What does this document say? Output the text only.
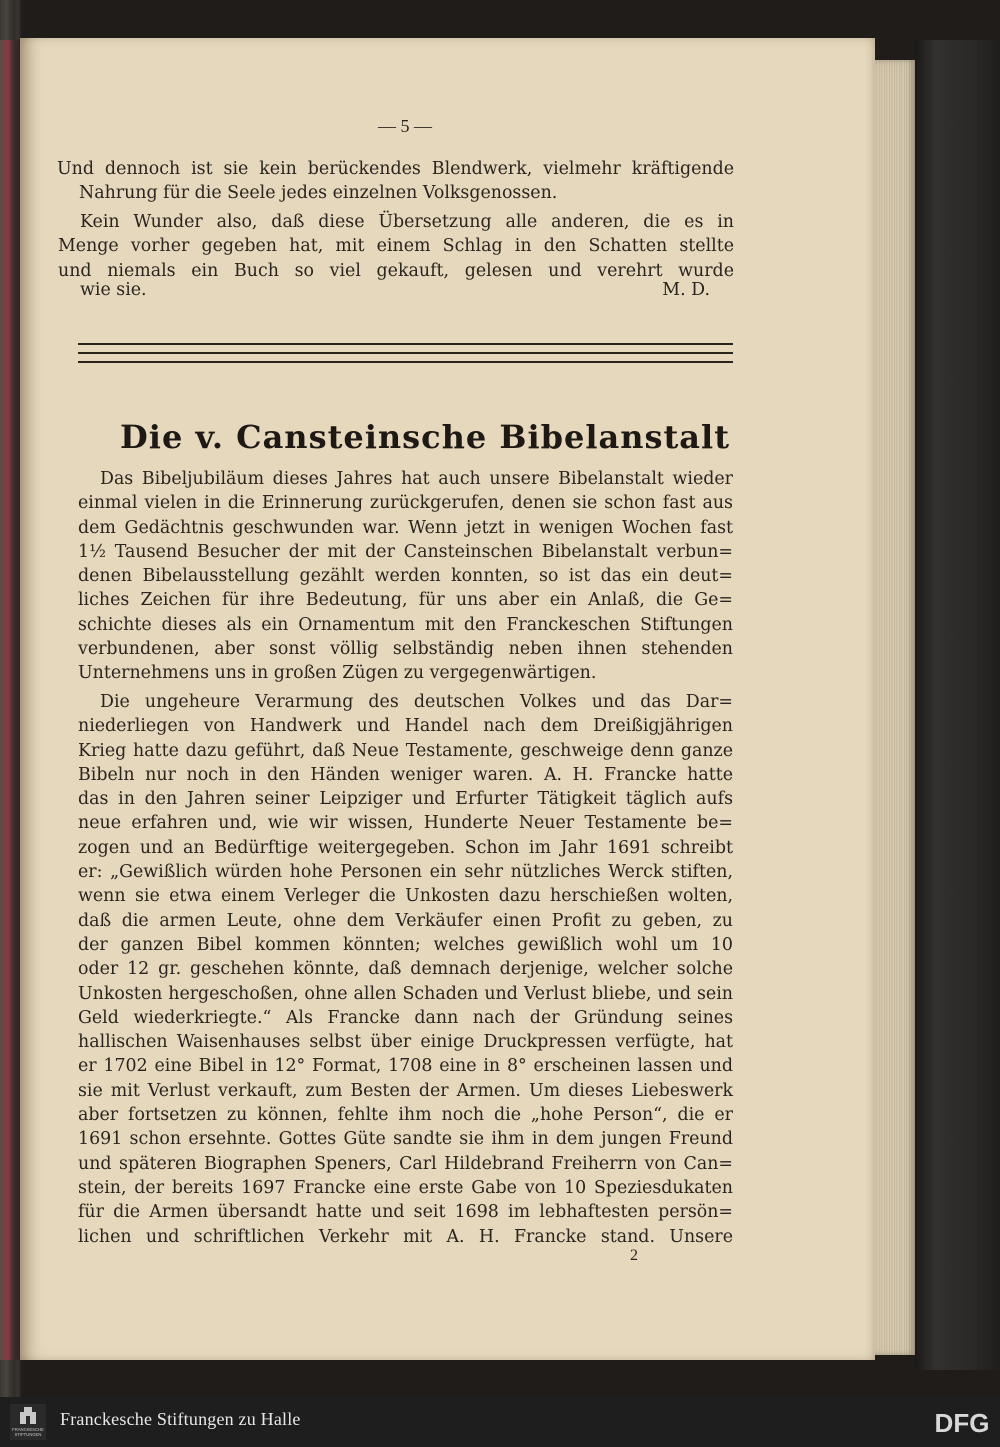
— 5 —

Und dennoch ist sie kein berückendes Blendwerk, vielmehr kräftigende

Nahrung für die Seele jedes einzelnen Volksgenossen.

Kein Wunder also, daß diese Übersetzung alle anderen, die es in

Menge vorher gegeben hat, mit einem Schlag in den Schatten stellte

und niemals ein Buch so viel gekauft, gelesen und verehrt wurde

wie sie.	M. D.
Die v. Cansteinsche Bibelanstalt

Das Bibeljubiläum dieses Jahres hat auch unsere Bibelanstalt wieder

einmal vielen in die Erinnerung zurückgerufen, denen sie schon fast aus

dem Gedächtnis geschwunden war. Wenn jetzt in wenigen Wochen fast

1½ Tausend Besucher der mit der Cansteinschen Bibelanstalt verbun=

denen Bibelausstellung gezählt werden konnten, so ist das ein deut=

liches Zeichen für ihre Bedeutung, für uns aber ein Anlaß, die Ge=

schichte dieses als ein Ornamentum mit den Franckeschen Stiftungen

verbundenen, aber sonst völlig selbständig neben ihnen stehenden

Unternehmens uns in großen Zügen zu vergegenwärtigen.

Die ungeheure Verarmung des deutschen Volkes und das Dar=

niederliegen von Handwerk und Handel nach dem Dreißigjährigen

Krieg hatte dazu geführt, daß Neue Testamente, geschweige denn ganze

Bibeln nur noch in den Händen weniger waren. A. H. Francke hatte

das in den Jahren seiner Leipziger und Erfurter Tätigkeit täglich aufs

neue erfahren und, wie wir wissen, Hunderte Neuer Testamente be=

zogen und an Bedürftige weitergegeben. Schon im Jahr 1691 schreibt

er: „Gewißlich würden hohe Personen ein sehr nützliches Werck stiften,

wenn sie etwa einem Verleger die Unkosten dazu herschießen wolten,

daß die armen Leute, ohne dem Verkäufer einen Profit zu geben, zu

der ganzen Bibel kommen könnten; welches gewißlich wohl um 10

oder 12 gr. geschehen könnte, daß demnach derjenige, welcher solche

Unkosten hergeschoßen, ohne allen Schaden und Verlust bliebe, und sein

Geld wiederkriegte.“ Als Francke dann nach der Gründung seines

hallischen Waisenhauses selbst über einige Druckpressen verfügte, hat

er 1702 eine Bibel in 12° Format, 1708 eine in 8° erscheinen lassen und

sie mit Verlust verkauft, zum Besten der Armen. Um dieses Liebeswerk

aber fortsetzen zu können, fehlte ihm noch die „hohe Person“, die er

1691 schon ersehnte. Gottes Güte sandte sie ihm in dem jungen Freund

und späteren Biographen Speners, Carl Hildebrand Freiherrn von Can=

stein, der bereits 1697 Francke eine erste Gabe von 10 Speziesdukaten

für die Armen übersandt hatte und seit 1698 im lebhaftesten persön=

lichen und schriftlichen Verkehr mit A. H. Francke stand. Unsere

2
FRANCKESCHE
STIFTUNGEN
Franckesche Stiftungen zu Halle	DFG
